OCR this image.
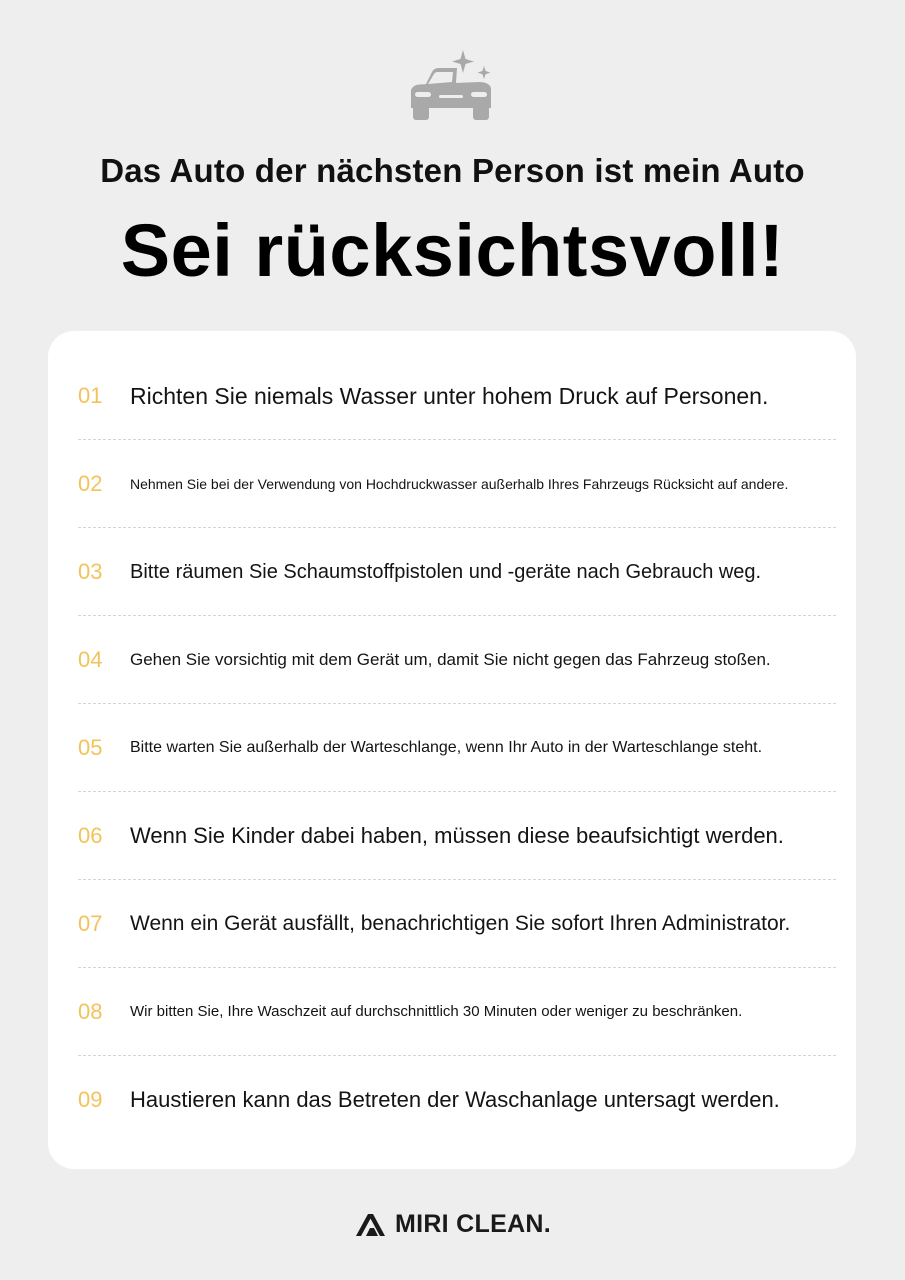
Das Auto der nächsten Person ist mein Auto
Sei rücksichtsvoll!
01	Richten Sie niemals Wasser unter hohem Druck auf Personen.
02	Nehmen Sie bei der Verwendung von Hochdruckwasser außerhalb Ihres Fahrzeugs Rücksicht auf andere.
03	Bitte räumen Sie Schaumstoffpistolen und -geräte nach Gebrauch weg.
04	Gehen Sie vorsichtig mit dem Gerät um, damit Sie nicht gegen das Fahrzeug stoßen.
05	Bitte warten Sie außerhalb der Warteschlange, wenn Ihr Auto in der Warteschlange steht.
06	Wenn Sie Kinder dabei haben, müssen diese beaufsichtigt werden.
07	Wenn ein Gerät ausfällt, benachrichtigen Sie sofort Ihren Administrator.
08	Wir bitten Sie, Ihre Waschzeit auf durchschnittlich 30 Minuten oder weniger zu beschränken.
09	Haustieren kann das Betreten der Waschanlage untersagt werden.
MIRI CLEAN.
